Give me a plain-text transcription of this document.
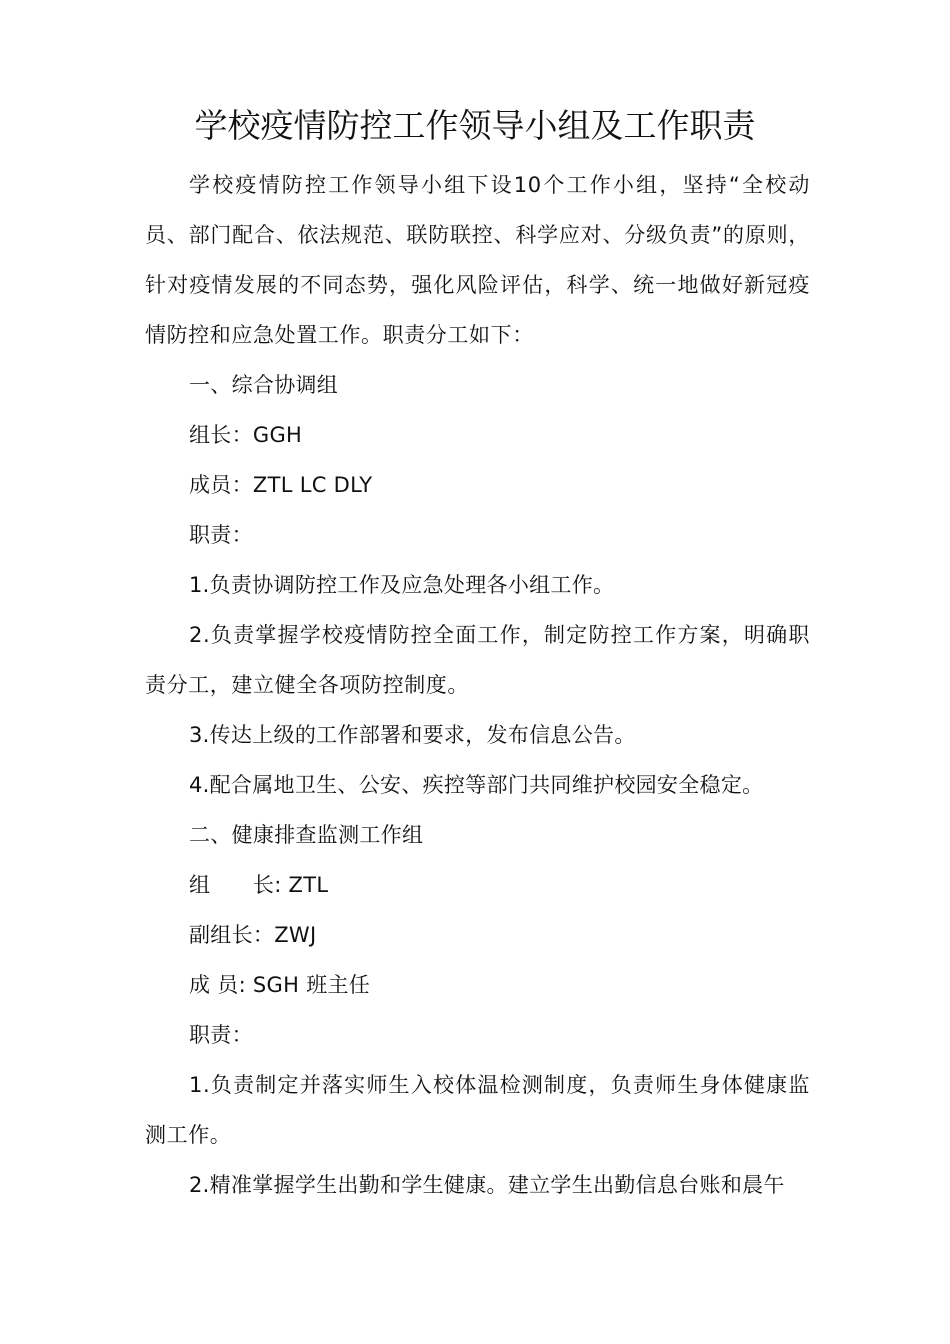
学校疫情防控工作领导小组及工作职责

学校疫情防控工作领导小组下设10个工作小组，坚持“全校动员、部门配合、依法规范、联防联控、科学应对、分级负责”的原则，针对疫情发展的不同态势，强化风险评估，科学、统一地做好新冠疫情防控和应急处置工作。职责分工如下：

一、综合协调组

组长：GGH

成员：ZTL LC DLY

职责：

1.负责协调防控工作及应急处理各小组工作。

2.负责掌握学校疫情防控全面工作，制定防控工作方案，明确职责分工，建立健全各项防控制度。

3.传达上级的工作部署和要求，发布信息公告。

4.配合属地卫生、公安、疾控等部门共同维护校园安全稳定。

二、健康排查监测工作组

组　　长: ZTL

副组长：ZWJ

成 员: SGH 班主任

职责：

1.负责制定并落实师生入校体温检测制度，负责师生身体健康监测工作。

2.精准掌握学生出勤和学生健康。建立学生出勤信息台账和晨午
